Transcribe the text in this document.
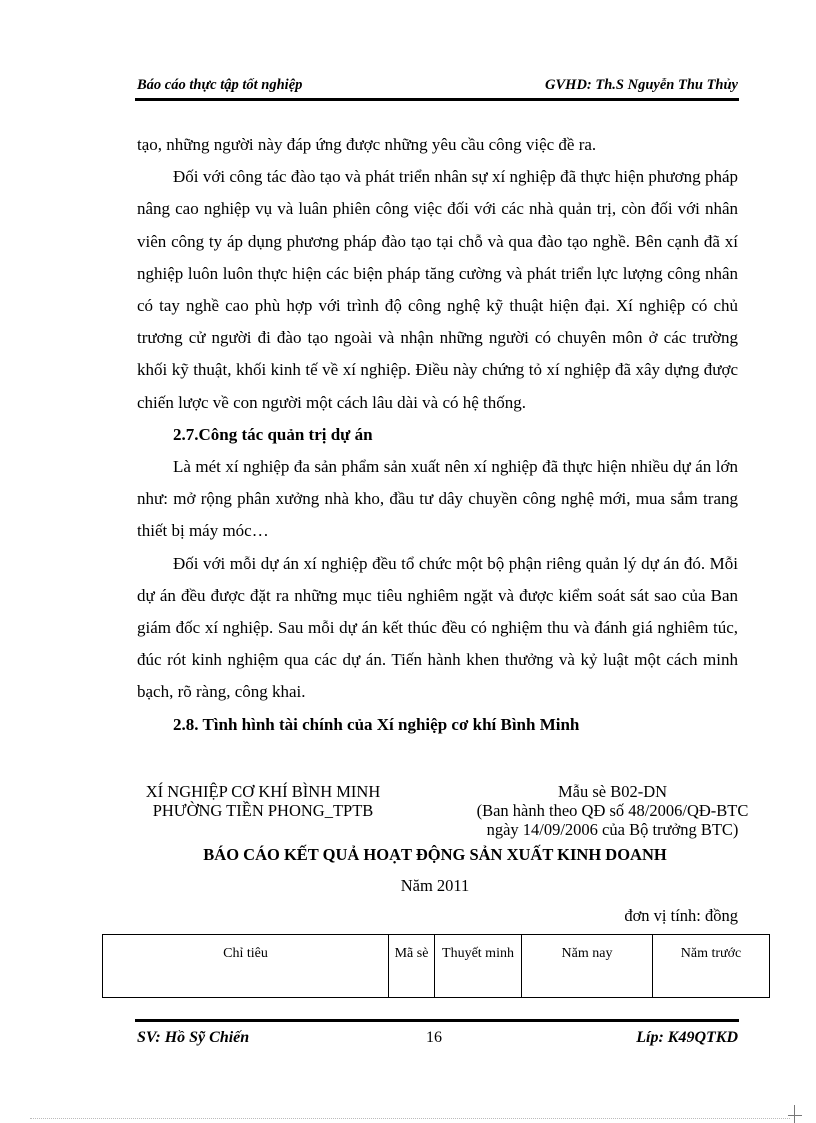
Báo cáo thực tập tốt nghiệp	GVHD: Th.S Nguyễn Thu Thủy

tạo, những người này đáp ứng được những yêu cầu công việc đề ra.

Đối với công tác đào tạo và phát triển nhân sự xí nghiệp đã thực hiện phương pháp nâng cao nghiệp vụ và luân phiên công việc đối với các nhà quản trị, còn đối với nhân viên công ty áp dụng phương pháp đào tạo tại chỗ và qua đào tạo nghề. Bên cạnh đã xí nghiệp luôn luôn thực hiện các biện pháp tăng cường và phát triển lực lượng công nhân có tay nghề cao phù hợp với trình độ công nghệ kỹ thuật hiện đại. Xí nghiệp có chủ trương cử người đi đào tạo ngoài và nhận những người có chuyên môn ở các trường khối kỹ thuật, khối kinh tế về xí nghiệp. Điều này chứng tỏ xí nghiệp đã xây dựng được chiến lược về con người một cách lâu dài và có hệ thống.

2.7.Công tác quản trị dự án

Là mét xí nghiệp đa sản phẩm sản xuất nên xí nghiệp đã thực hiện nhiều dự án lớn như: mở rộng phân xưởng nhà kho, đầu tư dây chuyền công nghệ mới, mua sắm trang thiết bị máy móc…

Đối với mỗi dự án xí nghiệp đều tổ chức một bộ phận riêng quản lý dự án đó. Mỗi dự án đều được đặt ra những mục tiêu nghiêm ngặt và được kiểm soát sát sao của Ban giám đốc xí nghiệp. Sau mỗi dự án kết thúc đều có nghiệm thu và đánh giá nghiêm túc, đúc rót kinh nghiệm qua các dự án. Tiến hành khen thưởng và kỷ luật một cách minh bạch, rõ ràng, công khai.

2.8. Tình hình tài chính của Xí nghiệp cơ khí Bình Minh

XÍ NGHIỆP CƠ KHÍ BÌNH MINH
PHƯỜNG TIỀN PHONG_TPTB
Mẫu sè B02-DN
(Ban hành theo QĐ số 48/2006/QĐ-BTC
ngày 14/09/2006 của Bộ trưởng BTC)
BÁO CÁO KẾT QUẢ HOẠT ĐỘNG SẢN XUẤT KINH DOANH
Năm 2011
đơn vị tính: đồng
Chỉ tiêu	Mã sè	Thuyết minh	Năm nay	Năm trước
SV: Hồ Sỹ Chiến	16	Líp: K49QTKD
